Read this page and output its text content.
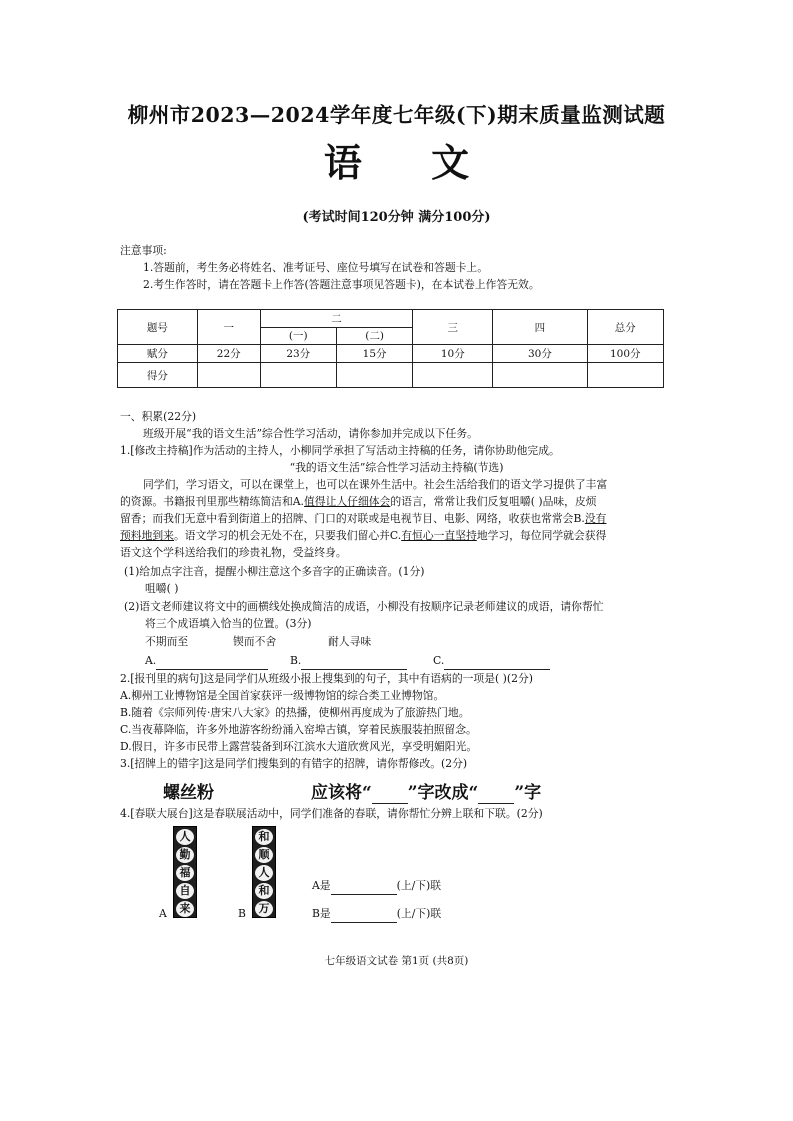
柳州市2023—2024学年度七年级(下)期末质量监测试题
语 文
(考试时间120分钟 满分100分)
注意事项:
1.答题前，考生务必将姓名、准考证号、座位号填写在试卷和答题卡上。
2.考生作答时，请在答题卡上作答(答题注意事项见答题卡)，在本试卷上作答无效。
题号	一	二		三	四	总分
		(一)	(二)			
赋分	22分	23分	15分	10分	30分	100分
得分						
一、积累(22分)
班级开展“我的语文生活”综合性学习活动，请你参加并完成以下任务。
1.[修改主持稿]作为活动的主持人，小柳同学承担了写活动主持稿的任务，请你协助他完成。
“我的语文生活”综合性学习活动主持稿(节选)
同学们，学习语文，可以在课堂上，也可以在课外生活中。社会生活给我们的语文学习提供了丰富
的资源。书籍报刊里那些精练简洁和A.值得让人仔细体会的语言，常常让我们反复咀嚼( )品味，皮烦
留香；而我们无意中看到街道上的招牌、门口的对联或是电视节目、电影、网络，收获也常常会B.没有
预料地到来。语文学习的机会无处不在，只要我们留心并C.有恒心一直坚持地学习，每位同学就会获得
语文这个学科送给我们的珍贵礼物，受益终身。
(1)给加点字注音，提醒小柳注意这个多音字的正确读音。(1分)
咀嚼( )
(2)语文老师建议将文中的画横线处换成简洁的成语，小柳没有按顺序记录老师建议的成语，请你帮忙
将三个成语填入恰当的位置。(3分)
不期而至	锲而不舍	耐人寻味
A.	B.	C.
2.[报刊里的病句]这是同学们从班级小报上搜集到的句子，其中有语病的一项是( )(2分)
A.柳州工业博物馆是全国首家获评一级博物馆的综合类工业博物馆。
B.随着《宗师列传·唐宋八大家》的热播，使柳州再度成为了旅游热门地。
C.当夜幕降临，许多外地游客纷纷涌入窑埠古镇，穿着民族服装拍照留念。
D.假日，许多市民带上露营装备到环江滨水大道欣赏风光，享受明媚阳光。
3.[招牌上的错字]这是同学们搜集到的有错字的招牌，请你帮修改。(2分)
螺丝粉	应该将“ ”字改成“ ”字
4.[春联大展台]这是春联展活动中，同学们准备的春联，请你帮忙分辨上联和下联。(2分)
人
勤
福
自
来
和
顺
人
和
万
A	B
A是	(上/下)联
B是	(上/下)联
七年级语文试卷 第1页 (共8页)
